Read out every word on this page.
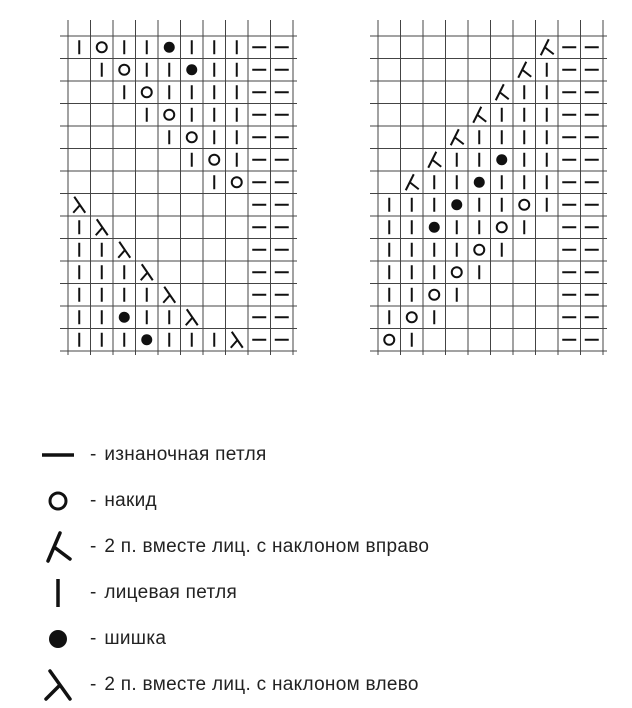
- изнаночная петля
- накид
- 2 п. вместе лиц. с наклоном вправо
- лицевая петля
- шишка
- 2 п. вместе лиц. с наклоном влево
